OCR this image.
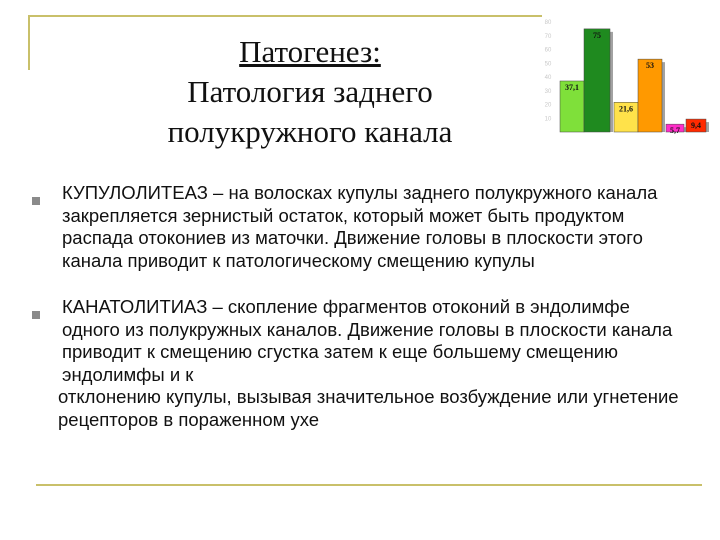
Патогенез:
Патология заднего
полукружного канала
80
70
60
50
40
30
20
10
37,1
75
21,6
53
5,7
9,4
КУПУЛОЛИТЕАЗ – на волосках купулы заднего полукружного канала закрепляется зернистый остаток, который может быть продуктом распада отокониев из маточки. Движение головы в плоскости этого канала приводит к патологическому смещению купулы
КАНАТОЛИТИАЗ – скопление фрагментов отоконий в эндолимфе одного из полукружных каналов. Движение головы в плоскости канала приводит к смещению сгустка затем к еще большему смещению эндолимфы и к
отклонению купулы, вызывая значительное возбуждение или угнетение рецепторов в пораженном ухе
